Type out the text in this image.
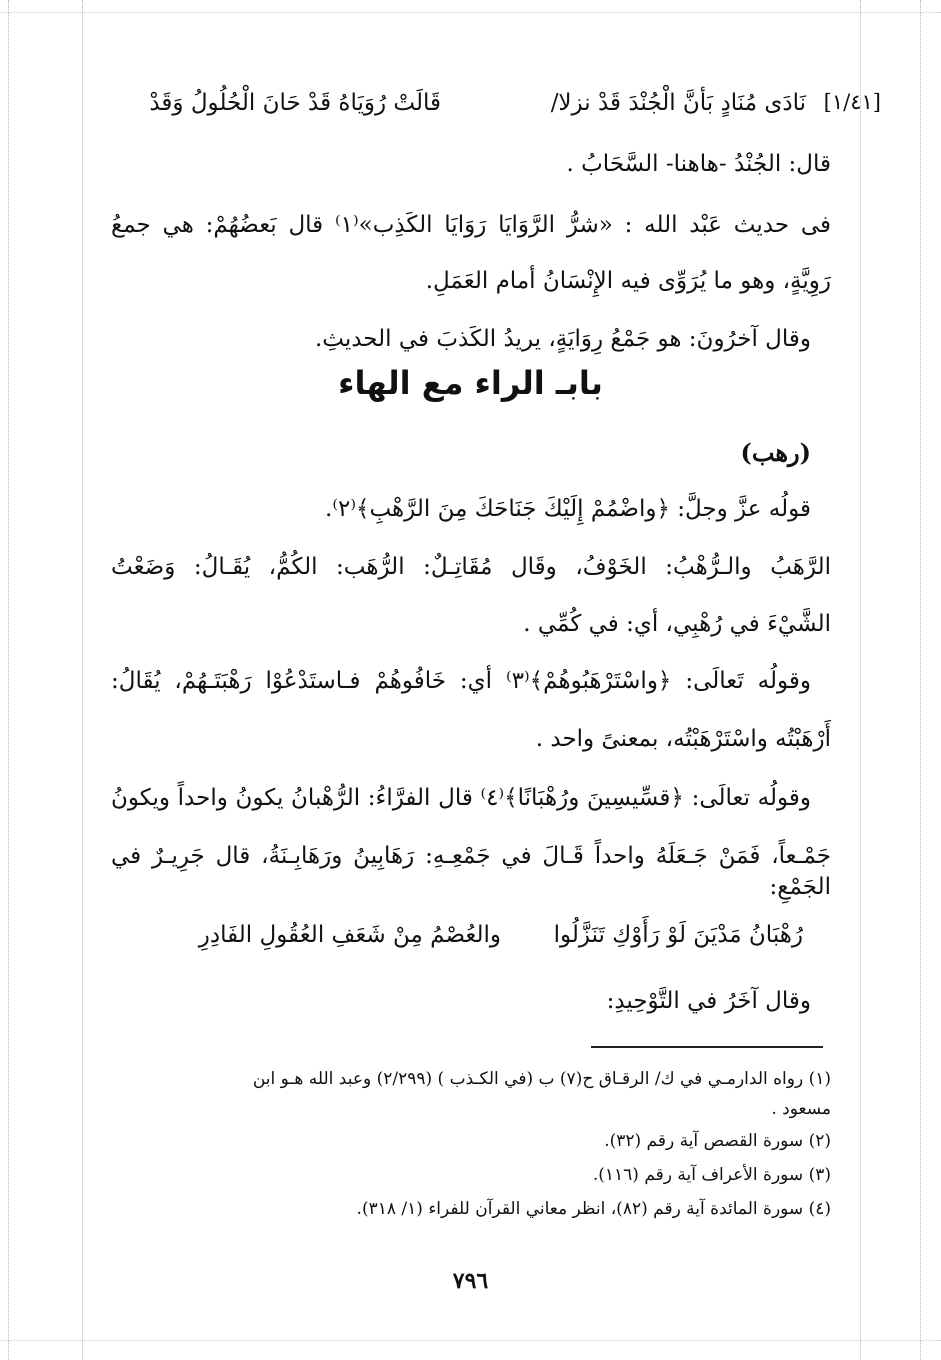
[١/٤١]
نَادَى مُنَادٍ بَأنَّ الْجُنْدَ قَدْ نزلا/
قَالَتْ رُوَيَاهُ قَدْ حَانَ الْحُلُولُ وَقَدْ
قال: الجُنْدُ -هاهنا- السَّحَابُ .
فى حديث عَبْد الله : «شرُّ الرَّوَايَا رَوَايَا الكَذِب»⁽١⁾ قال بَعضُهُمْ: هي جمعُ
رَوِيَّةٍ، وهو ما يُرَوِّى فيه الإِنْسَانُ أمام العَمَلِ.
وقال آخرُونَ: هو جَمْعُ رِوَايَةٍ، يريدُ الكَذبَ في الحديثِ.
بابـ الراء مع الهاء
(رهب)
قولُه عزَّ وجلَّ: ﴿واضْمُمْ إِلَيْكَ جَنَاحَكَ مِنَ الرَّهْبِ﴾⁽٢⁾.
الرَّهَبُ والـرُّهْبُ: الخَوْفُ، وقَال مُقَاتِـلٌ: الرُّهَب: الكُمُّ، يُقَـالُ: وَضَعْتُ
الشَّيْءَ في رُهْبِي، أي: في كُمِّي .
وقولُه تَعالَى: ﴿واسْتَرْهَبُوهُمْ﴾⁽٣⁾ أي: خَافُوهُمْ فـاستَدْعُوْا رَهْبَتَـهُمْ، يُقَالُ:
أَرْهَبْتُه واسْتَرْهَبْتُه، بمعنىً واحد .
وقولُه تعالَى: ﴿قسِّيسِينَ ورُهْبَانًا﴾⁽٤⁾ قال الفرَّاءُ: الرُّهْبانُ يكونُ واحداً ويكونُ
جَمْـعاً، فَمَنْ جَـعَلَهُ واحداً قَـالَ في جَمْعِـهِ: رَهَابِينُ ورَهَابِـنَةُ، قال جَرِيـرٌ في
الجَمْعِ:
رُهْبَانُ مَدْيَنَ لَوْ رَأَوْكِ تَنَزَّلُوا
والعُصْمُ مِنْ شَعَفِ العُقُولِ الفَادِرِ
وقال آخَرُ في التَّوْحِيدِ:
(١) رواه الدارمـي في ك/ الرقـاق ح(٧) ب (في الكـذب ) (٢/٢٩٩) وعبد الله هـو ابن
مسعود .
(٢) سورة القصص آية رقم (٣٢).
(٣) سورة الأعراف آية رقم (١١٦).
(٤) سورة المائدة آية رقم (٨٢)، انظر معاني القرآن للفراء (١/ ٣١٨).
٧٩٦
